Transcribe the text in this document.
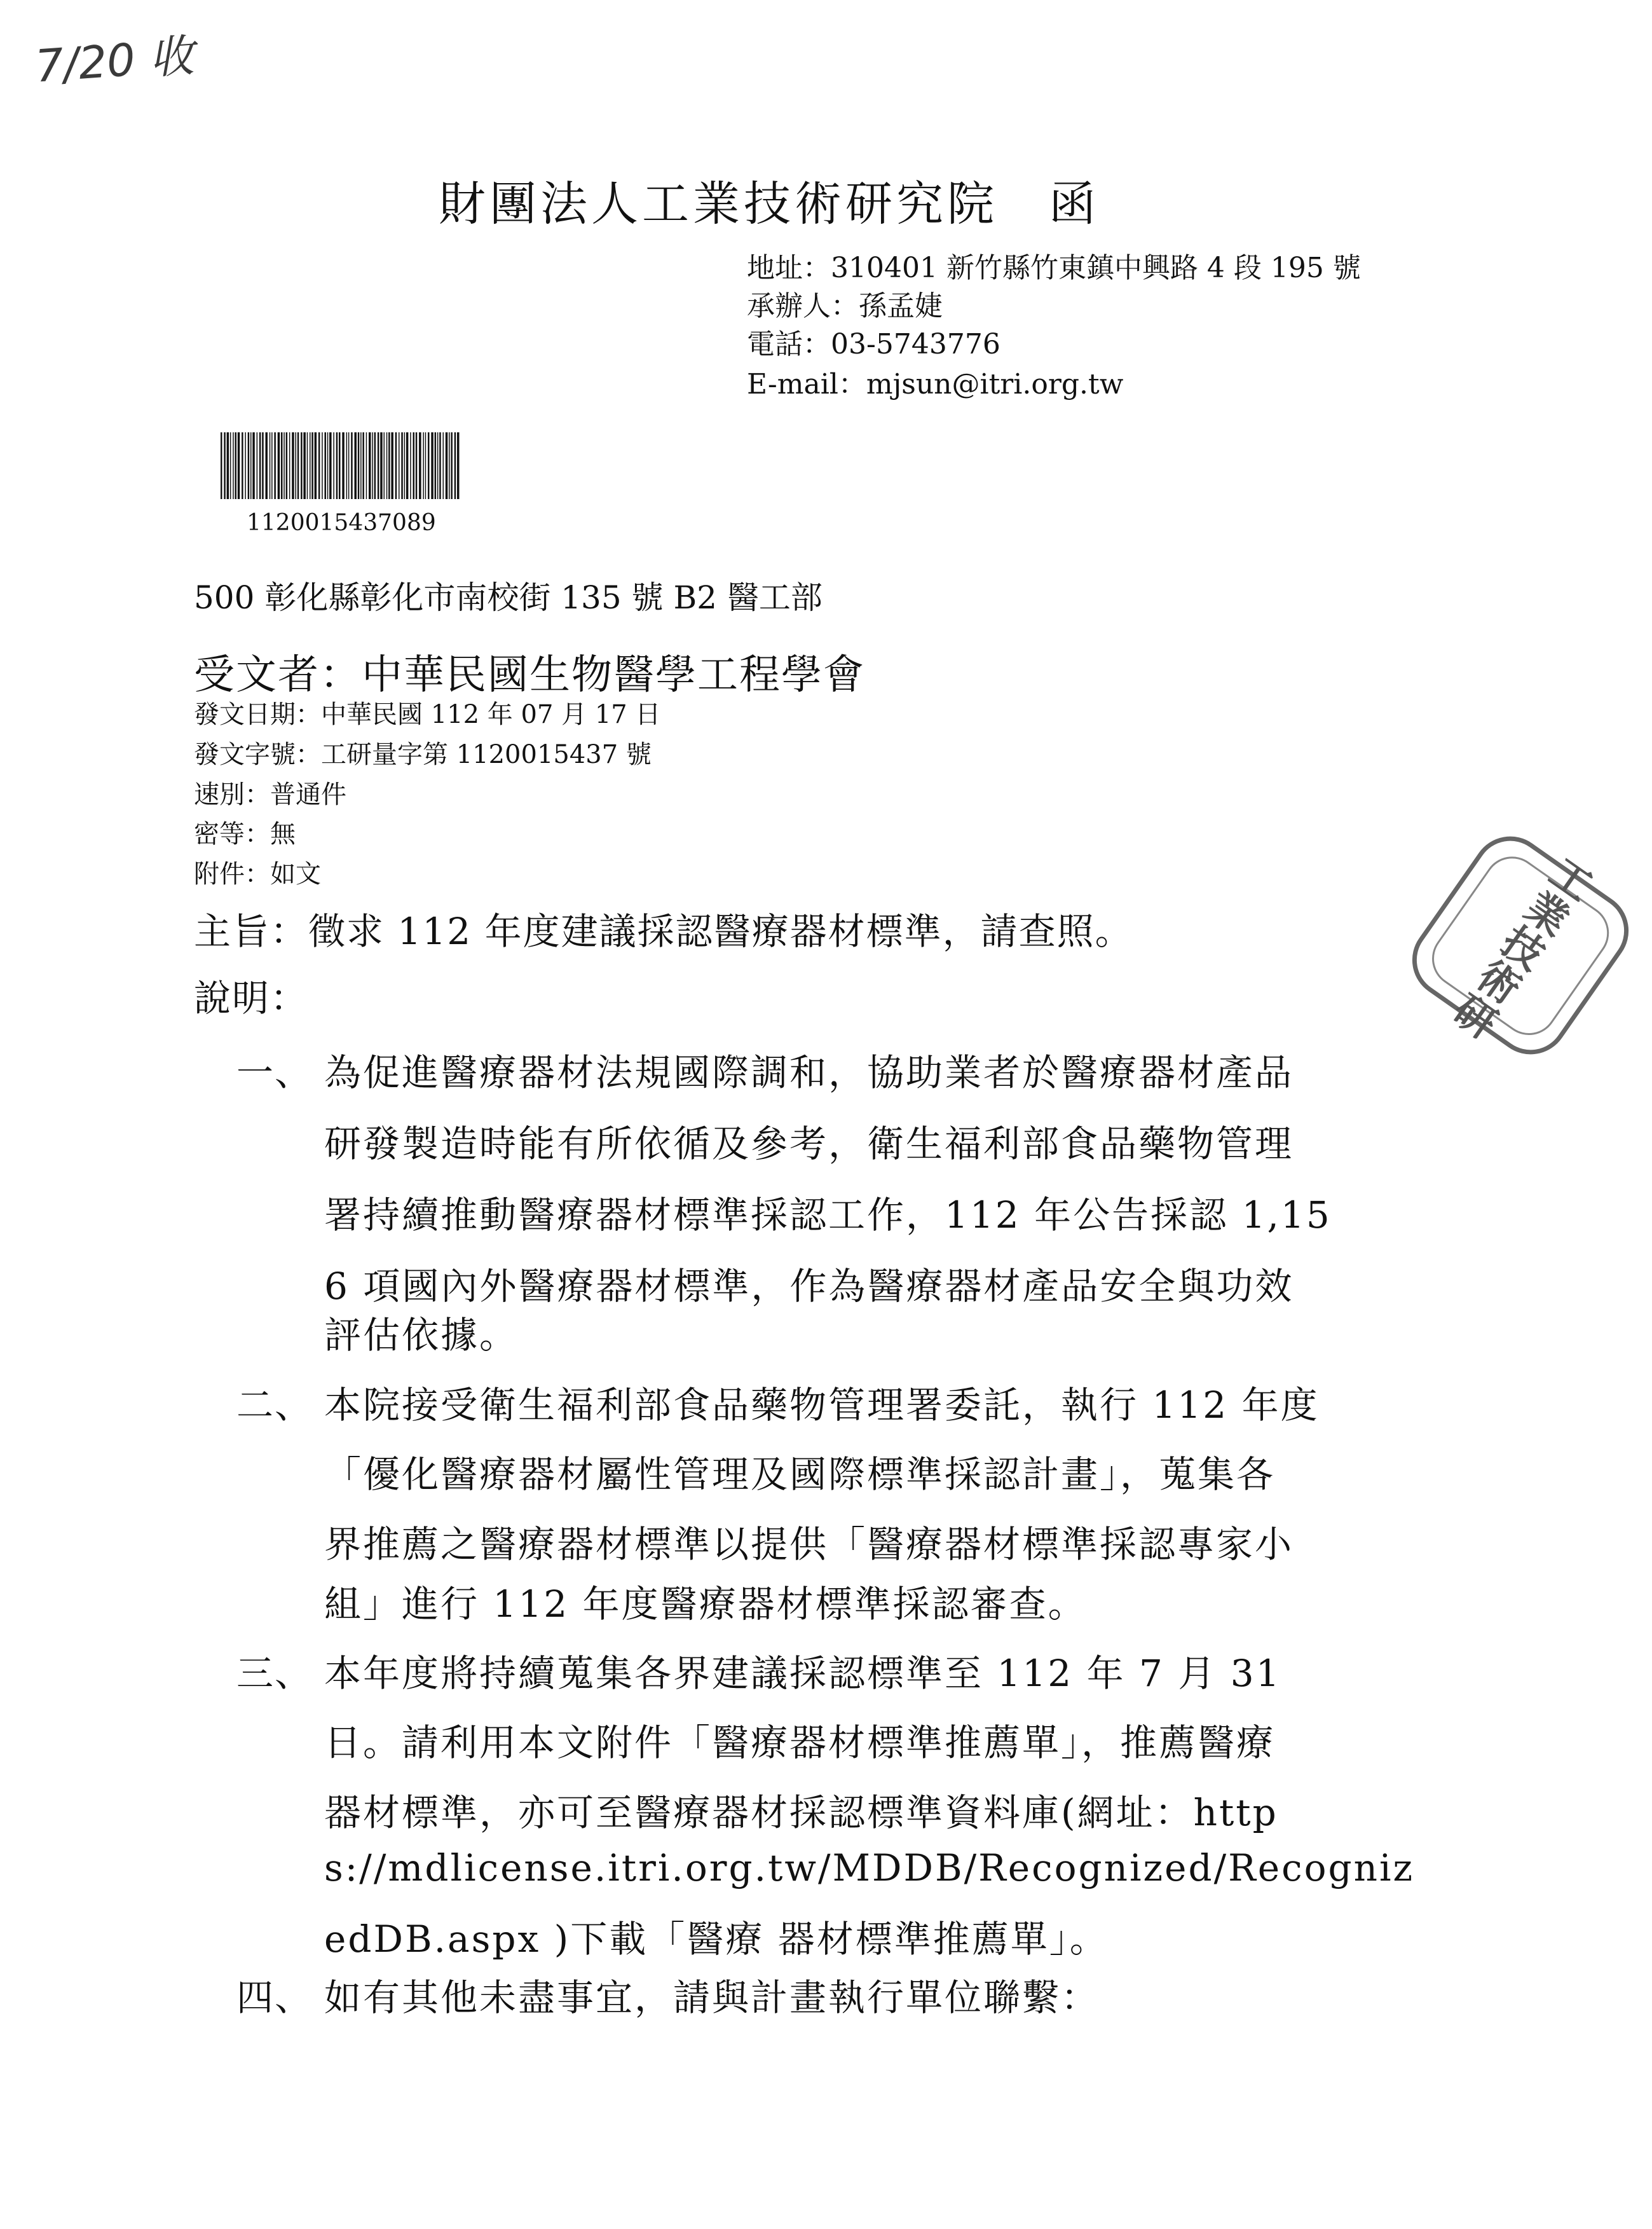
7/20 收
財團法人工業技術研究院　函
地址：310401 新竹縣竹東鎮中興路 4 段 195 號
承辦人：孫孟婕
電話：03-5743776
E-mail：mjsun@itri.org.tw
1120015437089
500 彰化縣彰化市南校街 135 號 B2 醫工部
受文者：中華民國生物醫學工程學會
發文日期：中華民國 112 年 07 月 17 日
發文字號：工研量字第 1120015437 號
速別：普通件
密等：無
附件：如文
主旨：徵求 112 年度建議採認醫療器材標準，請查照。
說明：
一、 為促進醫療器材法規國際調和，協助業者於醫療器材產品
研發製造時能有所依循及參考，衛生福利部食品藥物管理
署持續推動醫療器材標準採認工作，112 年公告採認 1,15
6 項國內外醫療器材標準，作為醫療器材產品安全與功效
評估依據。
二、 本院接受衛生福利部食品藥物管理署委託，執行 112 年度
「優化醫療器材屬性管理及國際標準採認計畫」，蒐集各
界推薦之醫療器材標準以提供「醫療器材標準採認專家小
組」進行 112 年度醫療器材標準採認審查。
三、 本年度將持續蒐集各界建議採認標準至 112 年 7 月 31
日。請利用本文附件「醫療器材標準推薦單」，推薦醫療
器材標準，亦可至醫療器材採認標準資料庫(網址：http
s://mdlicense.itri.org.tw/MDDB/Recognized/Recogniz
edDB.aspx )下載「醫療 器材標準推薦單」。
四、 如有其他未盡事宜，請與計畫執行單位聯繫：
工業技術研
